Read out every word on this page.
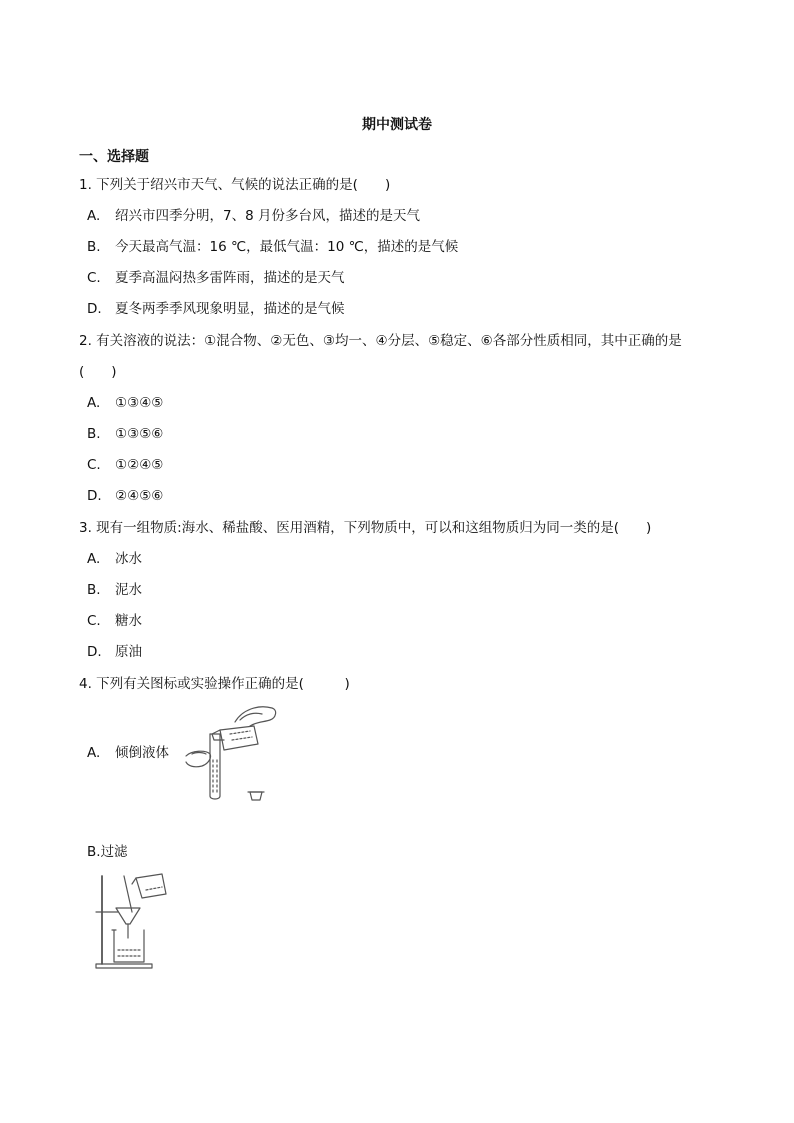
期中测试卷
一、选择题
1. 下列关于绍兴市天气、气候的说法正确的是(　　)
A. 绍兴市四季分明，7、8 月份多台风，描述的是天气
B. 今天最高气温：16 ℃，最低气温：10 ℃，描述的是气候
C. 夏季高温闷热多雷阵雨，描述的是天气
D. 夏冬两季季风现象明显，描述的是气候
2. 有关溶液的说法：①混合物、②无色、③均一、④分层、⑤稳定、⑥各部分性质相同，其中正确的是
(　　)
A. ①③④⑤
B. ①③⑤⑥
C. ①②④⑤
D. ②④⑤⑥
3. 现有一组物质:海水、稀盐酸、医用酒精，下列物质中，可以和这组物质归为同一类的是(　　)
A. 冰水
B. 泥水
C. 糖水
D. 原油
4. 下列有关图标或实验操作正确的是(　　　)
A. 倾倒液体
B.过滤
